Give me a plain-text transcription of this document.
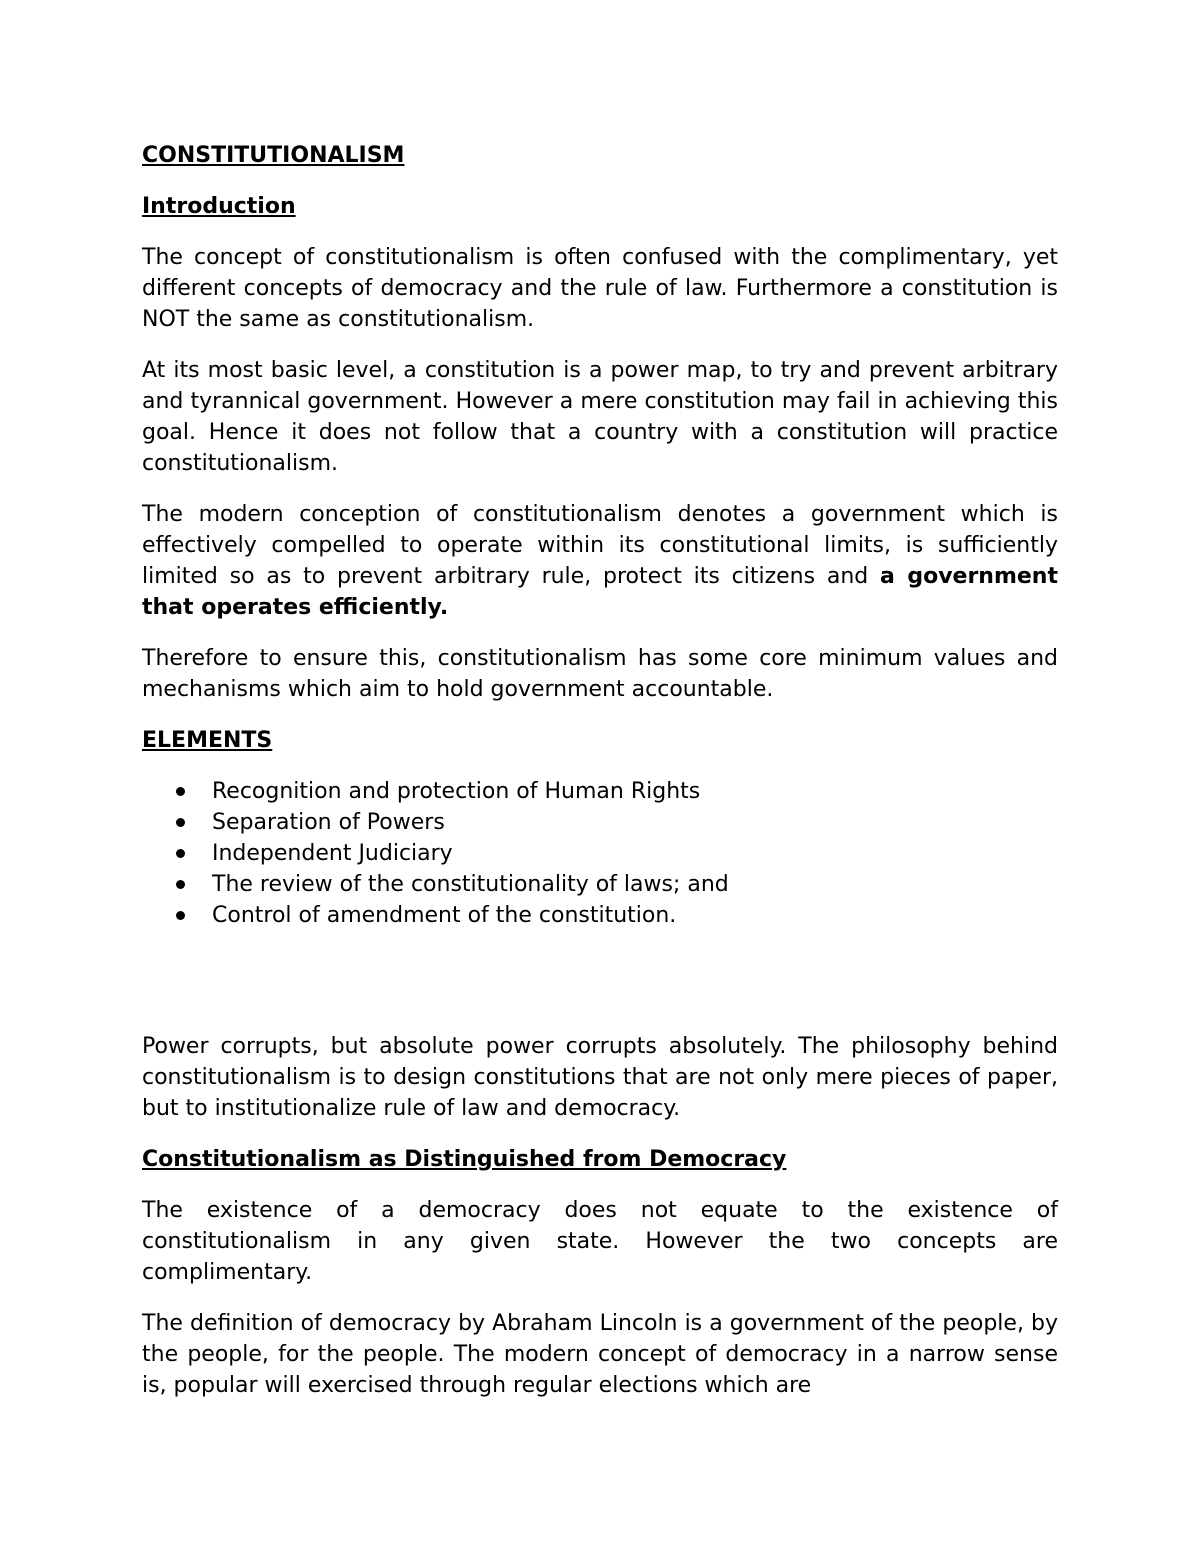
CONSTITUTIONALISM
Introduction

The concept of constitutionalism is often confused with the complimentary, yet different concepts of democracy and the rule of law. Furthermore a constitution is NOT the same as constitutionalism.

At its most basic level, a constitution is a power map, to try and prevent arbitrary and tyrannical government. However a mere constitution may fail in achieving this goal. Hence it does not follow that a country with a constitution will practice constitutionalism.

The modern conception of constitutionalism denotes a government which is effectively compelled to operate within its constitutional limits, is sufficiently limited so as to prevent arbitrary rule, protect its citizens and a government that operates efficiently.

Therefore to ensure this, constitutionalism has some core minimum values and mechanisms which aim to hold government accountable.

ELEMENTS
Recognition and protection of Human Rights
Separation of Powers
Independent Judiciary
The review of the constitutionality of laws; and
Control of amendment of the constitution.

Power corrupts, but absolute power corrupts absolutely. The philosophy behind constitutionalism is to design constitutions that are not only mere pieces of paper, but to institutionalize rule of law and democracy.

Constitutionalism as Distinguished from Democracy

The existence of a democracy does not equate to the existence of constitutionalism in any given state. However the two concepts are complimentary.

The definition of democracy by Abraham Lincoln is a government of the people, by the people, for the people. The modern concept of democracy in a narrow sense is, popular will exercised through regular elections which are
